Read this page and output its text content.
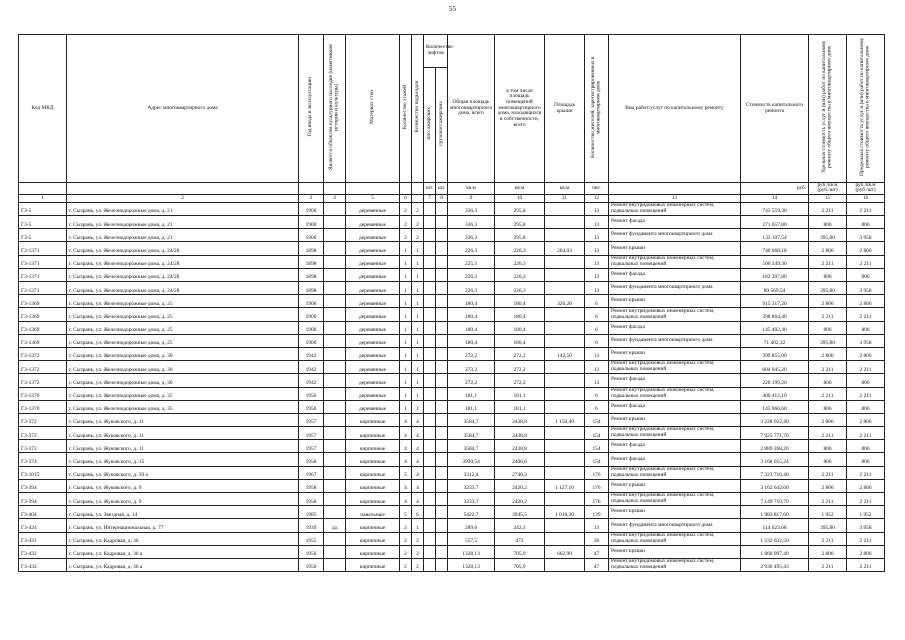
55
Код МКД	Адрес многоквартирного дома	Год ввода в эксплуатацию	Является объектом культурного наследия (памятником истории и культуры)	Материал стен	Количество этажей	Количество подъездов	Количество лифтов		Общая площадь многоквартирного дома, всего	в том числе площадь помещений многоквартирного дома, находящихся в собственности, всего	Площадь крыши	Количество жителей, зарегистрированных в многоквартирном доме	Вид работ/услуг по капитальному ремонту	Стоимость капитального ремонта	Удельная стоимость услуг и (или) работ по капитальному ремонту общего имущества в многоквартирном доме	Предельная стоимость услуг и (или) работ по капитальному ремонту общего имущества в многоквартирном доме
							пассажирских	грузопассажирских								
							шт.	шт.	кв.м	кв.м	кв.м	чел.		руб.	руб./кв.м (руб./шт)	руб./кв.м (руб./шт)
1	2	3	4	5	6		7	8	9	10	11	12	13	14	15	16
Г3-5	г. Сызрань, ул. Железнодорожные дома, д. 21	1900		деревянные	2	2			336,3	295,8		13	Ремонт внутридомовых инженерных систем, подвальных помещений	743 559,30	2 211	2 211
Г3-5	г. Сызрань, ул. Железнодорожные дома, д. 21	1900		деревянные	2	2			336,3	295,8		13	Ремонт фасада	271 057,80	806	806
Г3-5	г. Сызрань, ул. Железнодорожные дома, д. 21	1900		деревянные	2	2			336,3	295,8		13	Ремонт фундамента многоквартирного дома	133 107,54	395,80	3 958
Г3-1371	г. Сызрань, ул. Железнодорожные дома, д. 24/28	1898		деревянные	1	1			226,3	226,3	264,03	13	Ремонт крыши	740 068,18	2 806	2 806
Г3-1371	г. Сызрань, ул. Железнодорожные дома, д. 24/28	1898		деревянные	1	1			225,3	226,3		13	Ремонт внутридомовых инженерных систем, подвальных помещений	500 349,30	2 211	2 211
Г3-1371	г. Сызрань, ул. Железнодорожные дома, д. 24/28	1898		деревянные	1	1			226,3	226,3		13	Ремонт фасада	182 397,80	806	806
Г3-1371	г. Сызрань, ул. Железнодорожные дома, д. 24/28	1898		деревянные	1	1			226,3	226,3		13	Ремонт фундамента многоквартирного дома	89 569,54	395,80	3 958
Г3-1369	г. Сызрань, ул. Железнодорожные дома, д. 25	1900		деревянные	1	1			180,4	180,4	326,20	6	Ремонт крыши	915 317,20	2 806	2 806
Г3-1369	г. Сызрань, ул. Железнодорожные дома, д. 25	1900		деревянные	1	1			180,4	180,4		6	Ремонт внутридомовых инженерных систем, подвальных помещений	398 864,40	2 211	2 211
Г3-1369	г. Сызрань, ул. Железнодорожные дома, д. 25	1900		деревянные	1	1			180,4	180,4		6	Ремонт фасада	145 402,40	806	806
Г3-1369	г. Сызрань, ул. Железнодорожные дома, д. 25	1900		деревянные	1	1			180,4	180,4		6	Ремонт фундамента многоквартирного дома	71 402,32	395,80	3 958
Г3-1372	г. Сызрань, ул. Железнодорожные дома, д. 30	1942		деревянные	1	1			272,2	272,2	142,50	13	Ремонт крыши	399 855,00	2 806	2 806
Г3-1372	г. Сызрань, ул. Железнодорожные дома, д. 30	1942		деревянные	1	1			273,2	272,2		13	Ремонт внутридомовых инженерных систем, подвальных помещений	604 045,20	2 211	2 211
Г3-1372	г. Сызрань, ул. Железнодорожные дома, д. 30	1942		деревянные	1	1			272,2	272,2		13	Ремонт фасада	220 199,20	806	806
Г3-1370	г. Сызрань, ул. Железнодорожные дома, д. 35	1956		деревянные	1	1			181,1	181,1		6	Ремонт внутридомовых инженерных систем, подвальных помещений	400 412,10	2 211	2 211
Г3-1370	г. Сызрань, ул. Железнодорожные дома, д. 35	1956		деревянные	1	1			181,1	181,1		6	Ремонт фасада	145 966,60	806	806
Г3-372	г. Сызрань, ул. Жуковского, д. 11	1957		кирпичные	4	4			3584,7	2438,8	1 150,40	154	Ремонт крыши	3 228 022,40	2 806	2 806
Г3-372	г. Сызрань, ул. Жуковского, д. 11	1957		кирпичные	4	4			3584,7	2438,8		154	Ремонт внутридомовых инженерных систем, подвальных помещений	7 925 771,70	2 211	2 211
Г3-372	г. Сызрань, ул. Жуковского, д. 11	1957		кирпичные	4	4			3584,7	2438,8		154	Ремонт фасада	2 889 268,20	806	806
Г3-374	г. Сызрань, ул. Жуковского, д. 15	1958		кирпичные	4	4			3930,54	2406,6		154	Ремонт фасада	3 168 015,24	806	806
Г3-1015	г. Сызрань, ул. Жуковского, д. 39 а	1967		кирпичные	5	4			3312,4	2740,2		176	Ремонт внутридомовых инженерных систем, подвальных помещений	7 323 716,40	2 211	2 211
Г3-394	г. Сызрань, ул. Жуковского, д. 9	1958		кирпичные	4	4			3233,7	2420,2	1 127,10	176	Ремонт крыши	3 162 642,60	2 806	2 806
Г3-394	г. Сызрань, ул. Жуковского, д. 9	1958		кирпичные	4	4			3233,7	2420,2		176	Ремонт внутридомовых инженерных систем, подвальных помещений	7 149 710,70	2 211	2 211
Г3-404	г. Сызрань, ул. Звездная, д. 14	1985		панельные	5	6			5422,7	3945,5	1 016,30	139	Ремонт крыши	1 983 817,60	1 952	1 952
Г3-424	г. Сызрань, ул. Интернациональная, д. 77	1939	да	кирпичные	2	1			289,6	242,3		13	Ремонт фундамента многоквартирного дома	114 623,68	395,80	3 958
Г3-431	г. Сызрань, ул. Кадровая, д. 36	1955		кирпичные	2	2			557,5	472		36	Ремонт внутридомовых инженерных систем, подвальных помещений	1 232 632,50	2 211	2 211
Г3-432	г. Сызрань, ул. Кадровая, д. 36 а	1956		кирпичные	2	2			1328,13	705,9	662,90	47	Ремонт крыши	1 860 097,40	2 806	2 806
Г3-432	г. Сызрань, ул. Кадровая, д. 36 а	1956		кирпичные	2	2			1328,13	705,9		47	Ремонт внутридомовых инженерных систем, подвальных помещений	2 936 495,43	2 211	2 211
